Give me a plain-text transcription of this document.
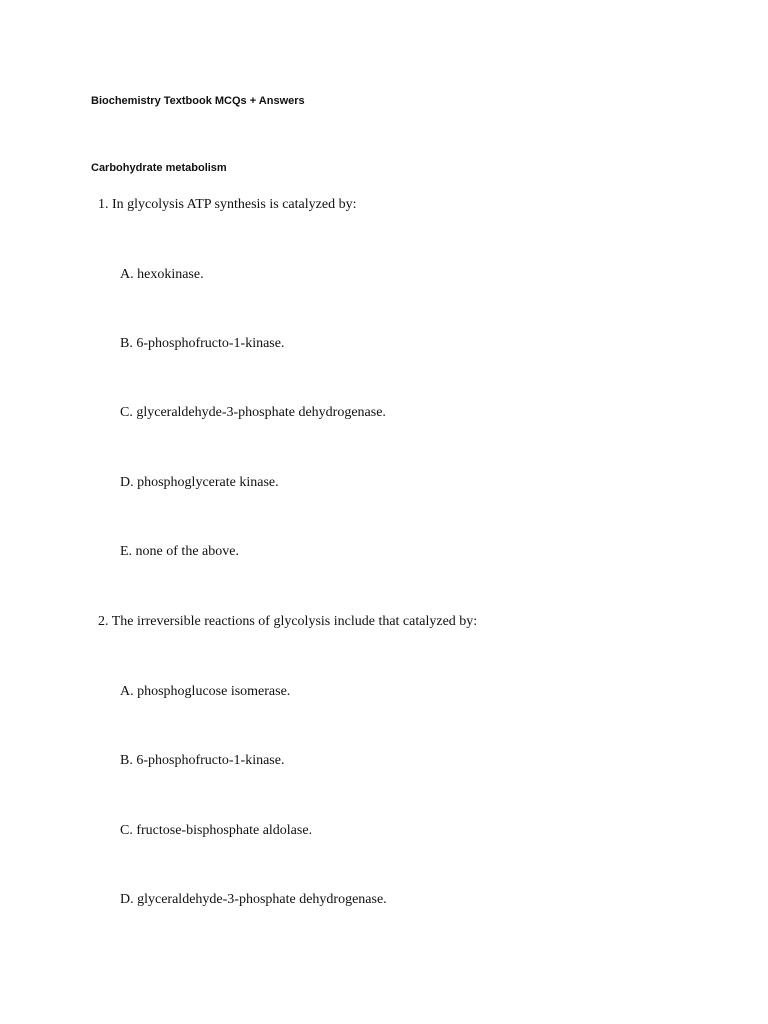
Biochemistry Textbook MCQs + Answers
Carbohydrate metabolism
1. In glycolysis ATP synthesis is catalyzed by:
A. hexokinase.
B. 6-phosphofructo-1-kinase.
C. glyceraldehyde-3-phosphate dehydrogenase.
D. phosphoglycerate kinase.
E. none of the above.
2. The irreversible reactions of glycolysis include that catalyzed by:
A. phosphoglucose isomerase.
B. 6-phosphofructo-1-kinase.
C. fructose-bisphosphate aldolase.
D. glyceraldehyde-3-phosphate dehydrogenase.
